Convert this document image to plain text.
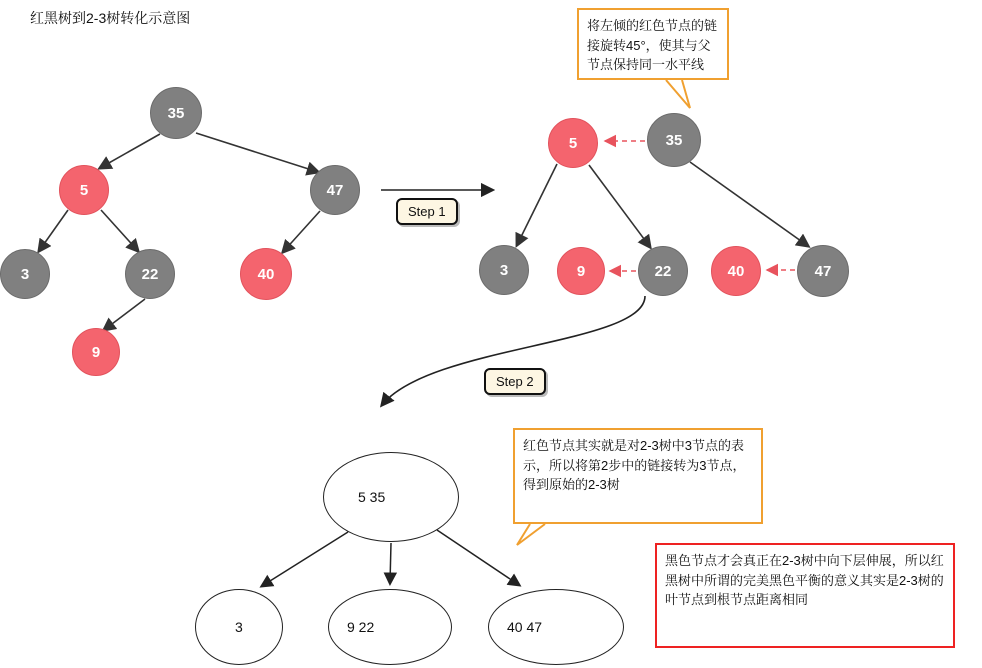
红黑树到2-3树转化示意图
35
5	47
3	22	40
9
5	35
3	9	22	40	47
5 35
3	9 22	40 47
Step 1
Step 2
将左倾的红色节点的链接旋转45°，使其与父节点保持同一水平线
红色节点其实就是对2-3树中3节点的表示，所以将第2步中的链接转为3节点，得到原始的2-3树
黑色节点才会真正在2-3树中向下层伸展，所以红黑树中所谓的完美黑色平衡的意义其实是2-3树的叶节点到根节点距离相同
